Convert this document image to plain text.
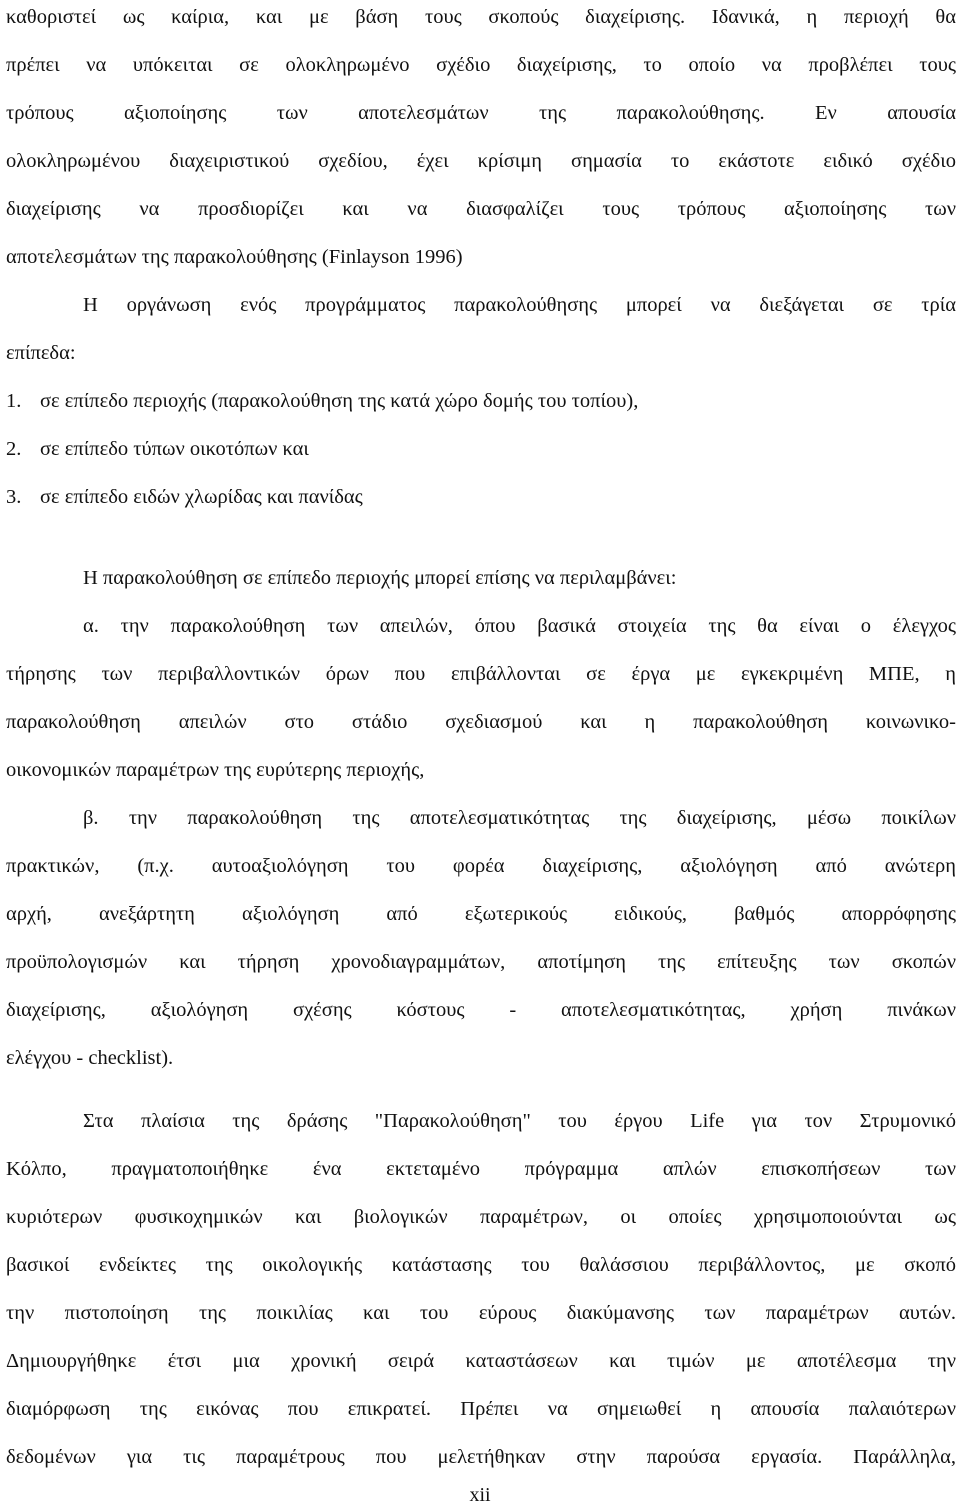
καθοριστεί ως καίρια, και με βάση τους σκοπούς διαχείρισης. Ιδανικά, η περιοχή θα
πρέπει να υπόκειται σε ολοκληρωμένο σχέδιο διαχείρισης, το οποίο να προβλέπει τους
τρόπους αξιοποίησης των αποτελεσμάτων της παρακολούθησης. Εν απουσία
ολοκληρωμένου διαχειριστικού σχεδίου, έχει κρίσιμη σημασία το εκάστοτε ειδικό σχέδιο
διαχείρισης να προσδιορίζει και να διασφαλίζει τους τρόπους αξιοποίησης των
αποτελεσμάτων της παρακολούθησης (Finlayson 1996)
Η οργάνωση ενός προγράμματος παρακολούθησης μπορεί να διεξάγεται σε τρία
επίπεδα:
1. σε επίπεδο περιοχής (παρακολούθηση της κατά χώρο δομής του τοπίου),
2. σε επίπεδο τύπων οικοτόπων και
3. σε επίπεδο ειδών χλωρίδας και πανίδας
Η παρακολούθηση σε επίπεδο περιοχής μπορεί επίσης να περιλαμβάνει:
α. την παρακολούθηση των απειλών, όπου βασικά στοιχεία της θα είναι ο έλεγχος
τήρησης των περιβαλλοντικών όρων που επιβάλλονται σε έργα με εγκεκριμένη ΜΠΕ, η
παρακολούθηση απειλών στο στάδιο σχεδιασμού και η παρακολούθηση κοινωνικο-
οικονομικών παραμέτρων της ευρύτερης περιοχής,
β. την παρακολούθηση της αποτελεσματικότητας της διαχείρισης, μέσω ποικίλων
πρακτικών, (π.χ. αυτοαξιολόγηση του φορέα διαχείρισης, αξιολόγηση από ανώτερη
αρχή, ανεξάρτητη αξιολόγηση από εξωτερικούς ειδικούς, βαθμός απορρόφησης
προϋπολογισμών και τήρηση χρονοδιαγραμμάτων, αποτίμηση της επίτευξης των σκοπών
διαχείρισης, αξιολόγηση σχέσης κόστους - αποτελεσματικότητας, χρήση πινάκων
ελέγχου - checklist).
Στα πλαίσια της δράσης "Παρακολούθηση" του έργου Life για τον Στρυμονικό
Κόλπο, πραγματοποιήθηκε ένα εκτεταμένο πρόγραμμα απλών επισκοπήσεων των
κυριότερων φυσικοχημικών και βιολογικών παραμέτρων, οι οποίες χρησιμοποιούνται ως
βασικοί ενδείκτες της οικολογικής κατάστασης του θαλάσσιου περιβάλλοντος, με σκοπό
την πιστοποίηση της ποικιλίας και του εύρους διακύμανσης των παραμέτρων αυτών.
Δημιουργήθηκε έτσι μια χρονική σειρά καταστάσεων και τιμών με αποτέλεσμα την
διαμόρφωση της εικόνας που επικρατεί. Πρέπει να σημειωθεί η απουσία παλαιότερων
δεδομένων για τις παραμέτρους που μελετήθηκαν στην παρούσα εργασία. Παράλληλα,
xii
